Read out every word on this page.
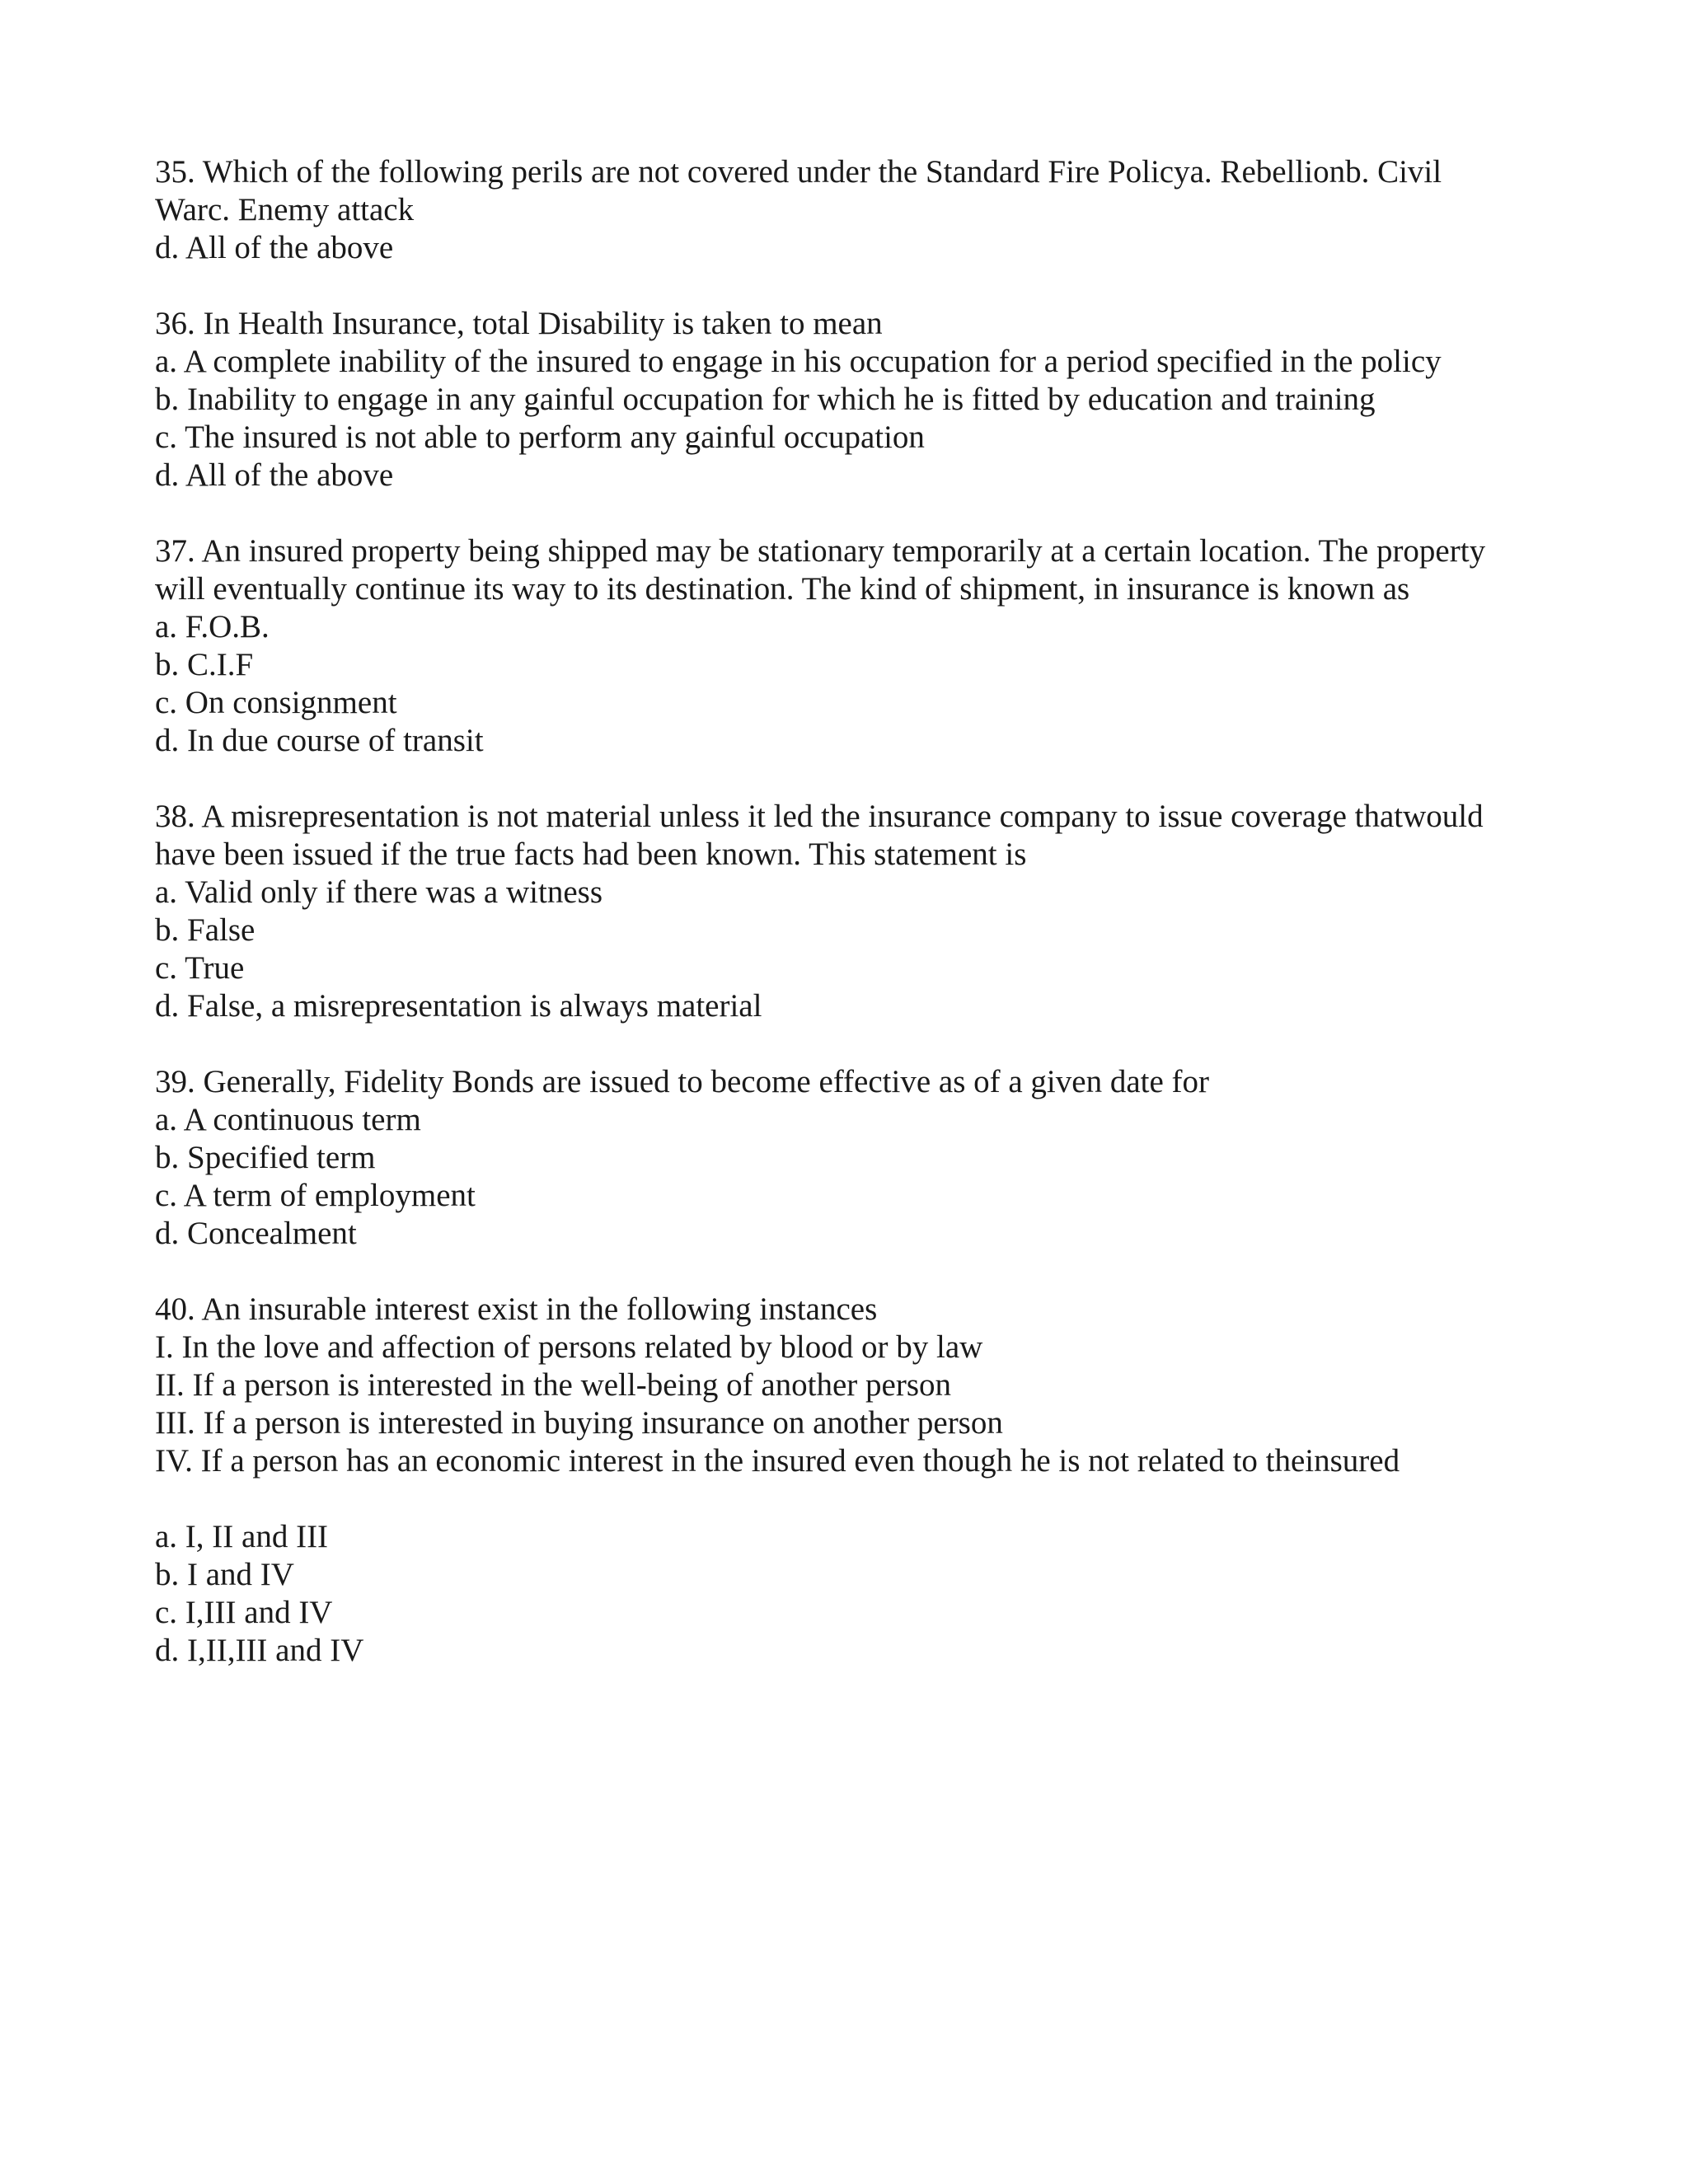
35. Which of the following perils are not covered under the Standard Fire Policya. Rebellionb. Civil
Warc. Enemy attack
d. All of the above
36. In Health Insurance, total Disability is taken to mean
a. A complete inability of the insured to engage in his occupation for a period specified in the policy
b. Inability to engage in any gainful occupation for which he is fitted by education and training
c. The insured is not able to perform any gainful occupation
d. All of the above
37. An insured property being shipped may be stationary temporarily at a certain location. The property
will eventually continue its way to its destination. The kind of shipment, in insurance is known as
a. F.O.B.
b. C.I.F
c. On consignment
d. In due course of transit
38. A misrepresentation is not material unless it led the insurance company to issue coverage thatwould
have been issued if the true facts had been known. This statement is
a. Valid only if there was a witness
b. False
c. True
d. False, a misrepresentation is always material
39. Generally, Fidelity Bonds are issued to become effective as of a given date for
a. A continuous term
b. Specified term
c. A term of employment
d. Concealment
40. An insurable interest exist in the following instances
I. In the love and affection of persons related by blood or by law
II. If a person is interested in the well-being of another person
III. If a person is interested in buying insurance on another person
IV. If a person has an economic interest in the insured even though he is not related to theinsured
a. I, II and III
b. I and IV
c. I,III and IV
d. I,II,III and IV
